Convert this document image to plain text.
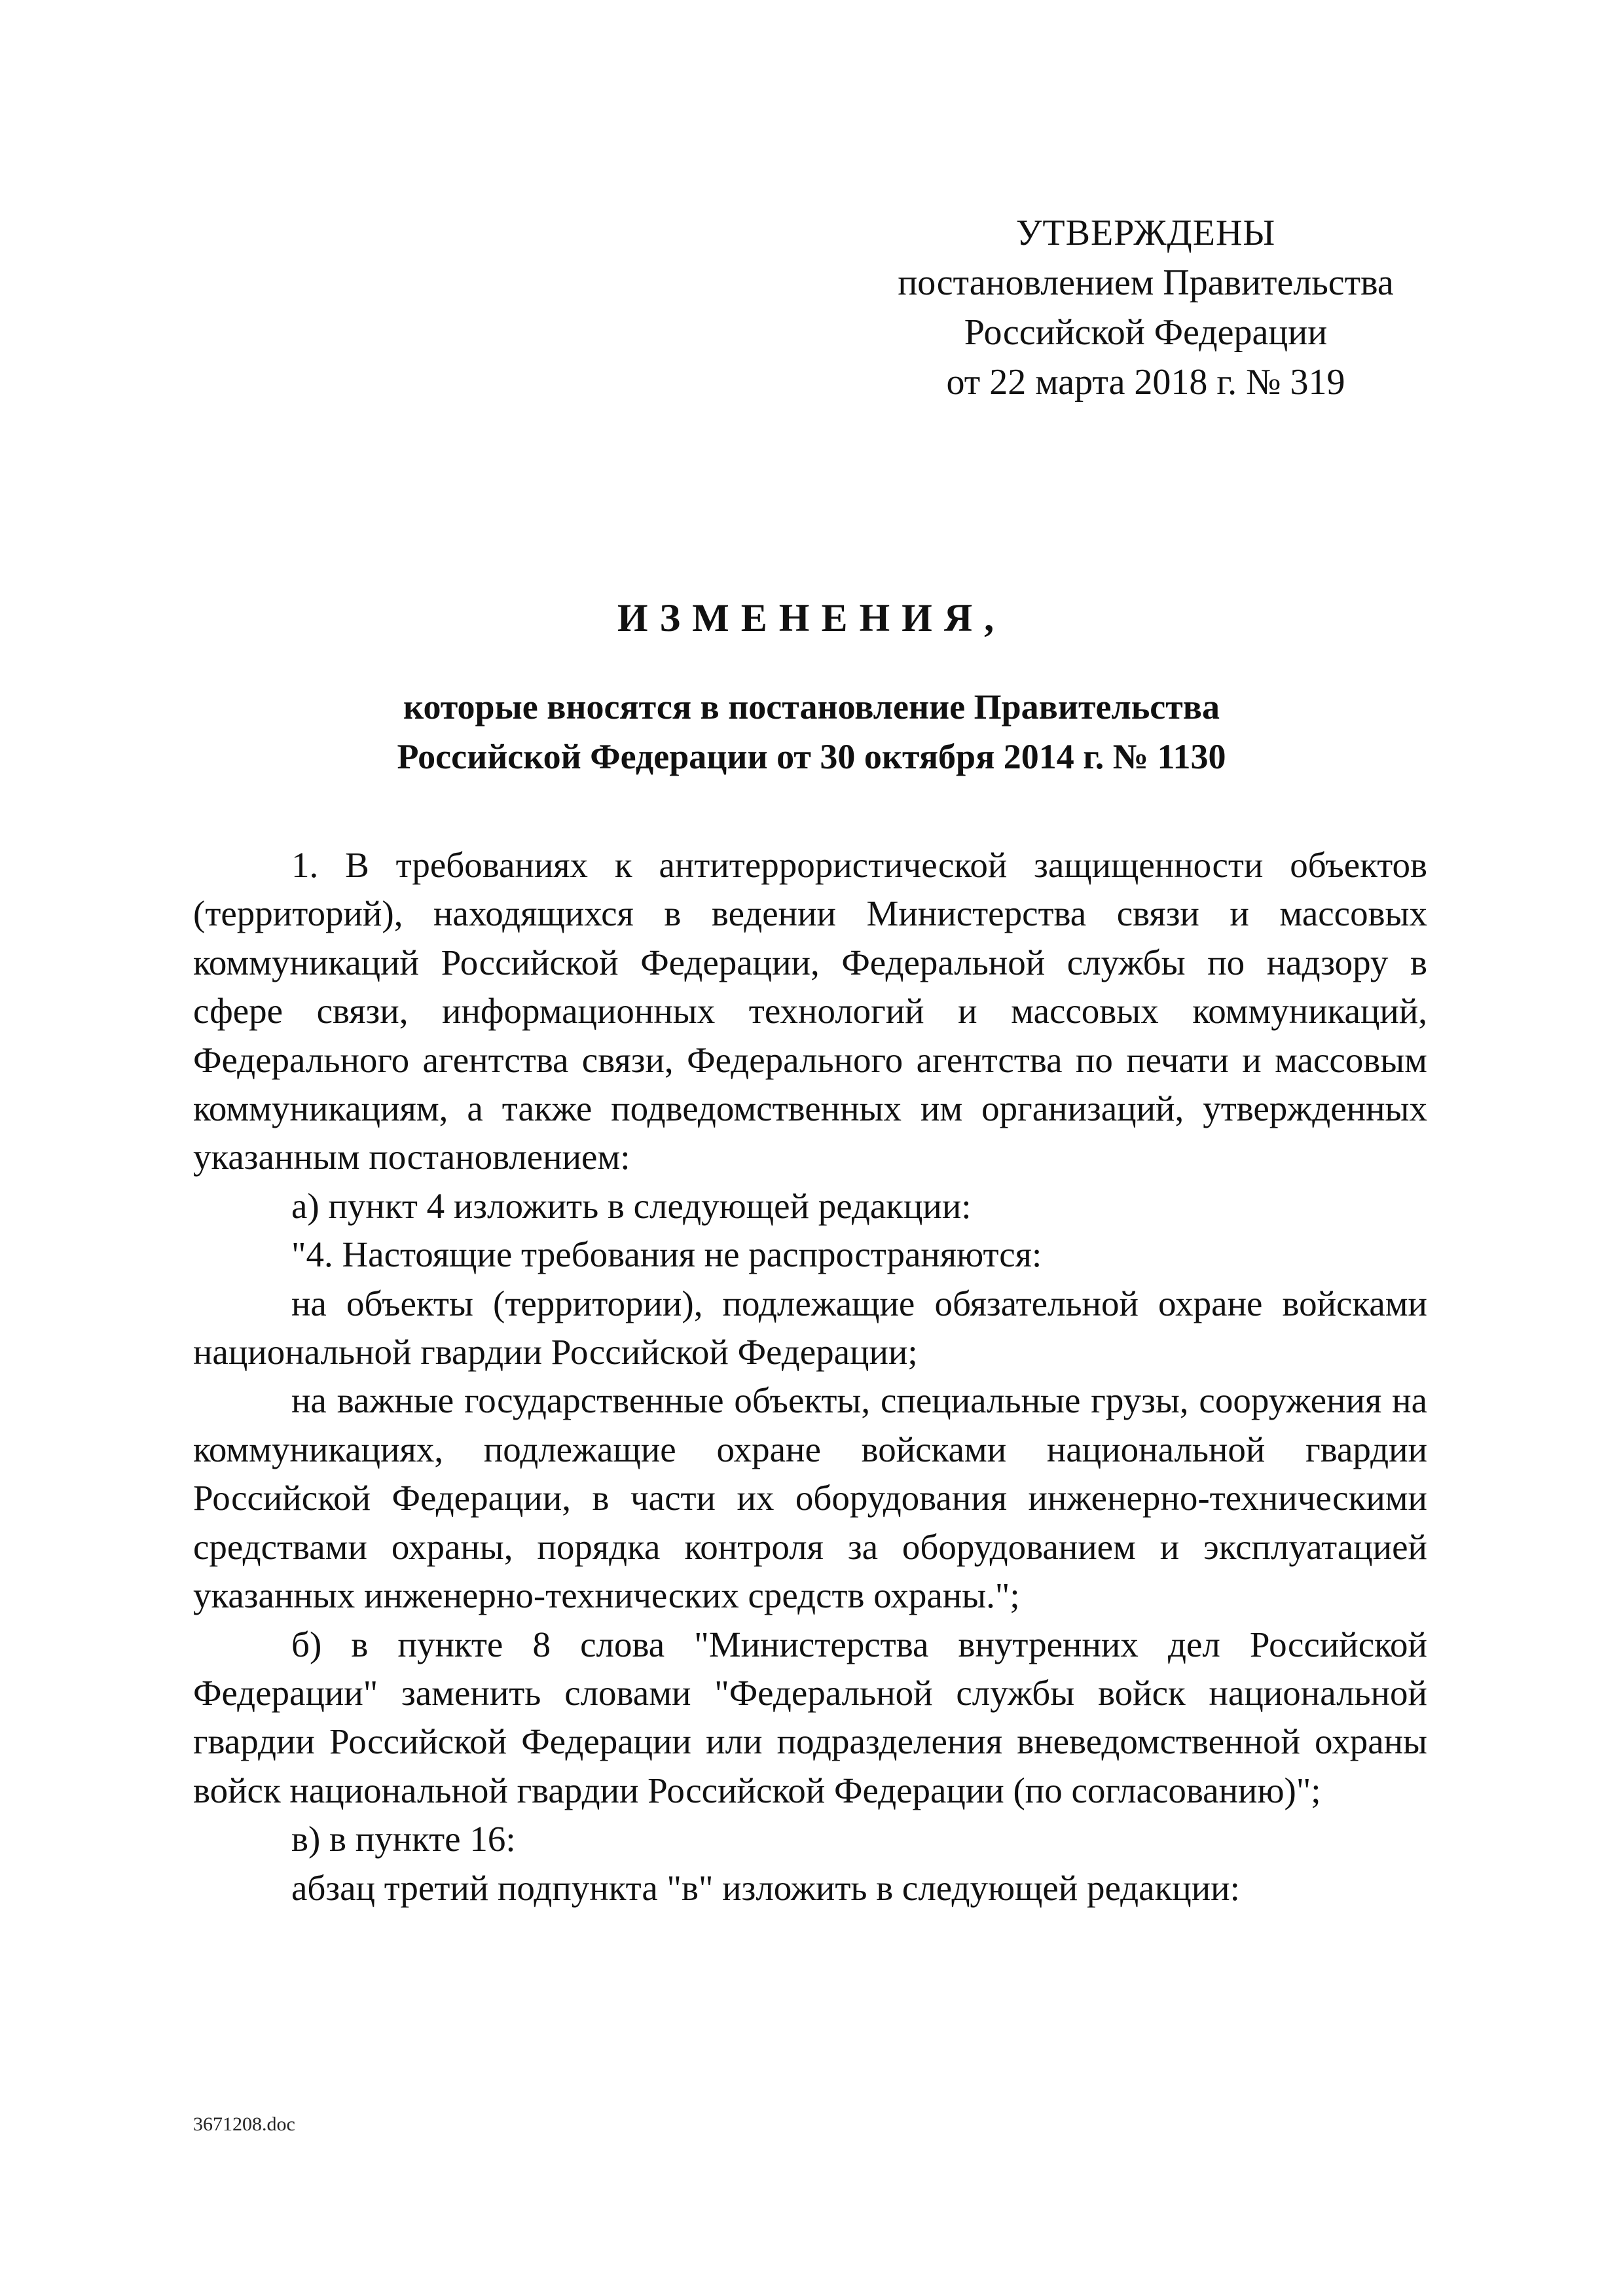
УТВЕРЖДЕНЫ
постановлением Правительства
Российской Федерации
от 22 марта 2018 г. № 319
ИЗМЕНЕНИЯ,
которые вносятся в постановление Правительства
Российской Федерации от 30 октября 2014 г. № 1130

1. В требованиях к антитеррористической защищенности объектов (территорий), находящихся в ведении Министерства связи и массовых коммуникаций Российской Федерации, Федеральной службы по надзору в сфере связи, информационных технологий и массовых коммуникаций, Федерального агентства связи, Федерального агентства по печати и массовым коммуникациям, а также подведомственных им организаций, утвержденных указанным постановлением:

а) пункт 4 изложить в следующей редакции:

"4. Настоящие требования не распространяются:

на объекты (территории), подлежащие обязательной охране войсками национальной гвардии Российской Федерации;

на важные государственные объекты, специальные грузы, сооружения на коммуникациях, подлежащие охране войсками национальной гвардии Российской Федерации, в части их оборудования инженерно-техническими средствами охраны, порядка контроля за оборудованием и эксплуатацией указанных инженерно-технических средств охраны.";

б) в пункте 8 слова "Министерства внутренних дел Российской Федерации" заменить словами "Федеральной службы войск национальной гвардии Российской Федерации или подразделения вневедомственной охраны войск национальной гвардии Российской Федерации (по согласованию)";

в) в пункте 16:

абзац третий подпункта "в" изложить в следующей редакции:

3671208.doc
